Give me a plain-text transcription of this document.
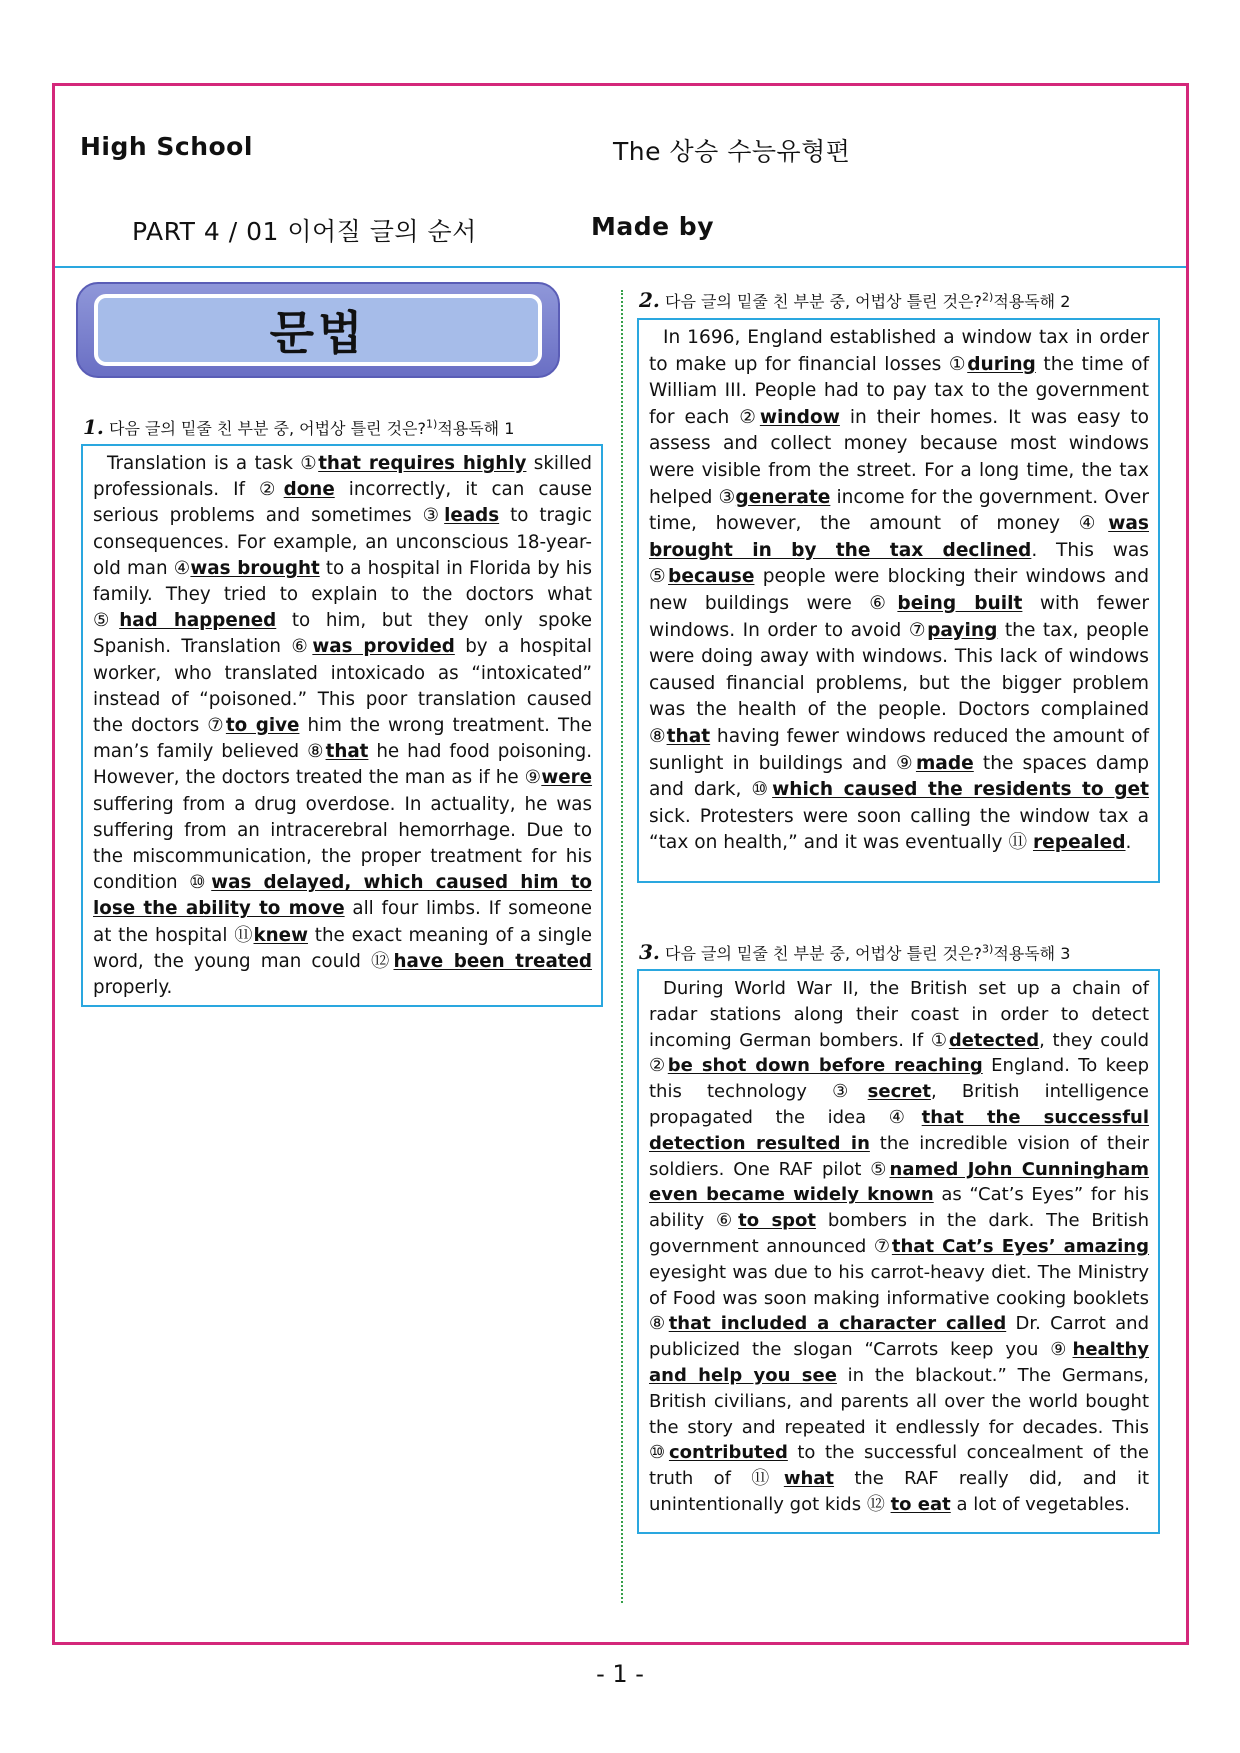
High School	The 상승 수능유형편
PART 4 / 01 이어질 글의 순서	Made by
문법
1. 다음 글의 밑줄 친 부분 중, 어법상 틀린 것은?$^{1)}$적용독해 1

Translation is a task ①that requires highly skilled professionals. If ②done incorrectly, it can cause serious problems and sometimes ③leads to tragic consequences. For example, an unconscious 18-year-old man ④was brought to a hospital in Florida by his family. They tried to explain to the doctors what ⑤had happened to him, but they only spoke Spanish. Translation ⑥was provided by a hospital worker, who translated intoxicado as “intoxicated” instead of “poisoned.” This poor translation caused the doctors ⑦to give him the wrong treatment. The man’s family believed ⑧that he had food poisoning. However, the doctors treated the man as if he ⑨were suffering from a drug overdose. In actuality, he was suffering from an intracerebral hemorrhage. Due to the miscommunication, the proper treatment for his condition ⑩was delayed, which caused him to lose the ability to move all four limbs. If someone at the hospital ⑪knew the exact meaning of a single word, the young man could ⑫have been treated properly.

2. 다음 글의 밑줄 친 부분 중, 어법상 틀린 것은?$^{2)}$적용독해 2

In 1696, England established a window tax in order to make up for financial losses ①during the time of William III. People had to pay tax to the government for each ②window in their homes. It was easy to assess and collect money because most windows were visible from the street. For a long time, the tax helped ③generate income for the government. Over time, however, the amount of money ④was brought in by the tax declined. This was ⑤because people were blocking their windows and new buildings were ⑥being built with fewer windows. In order to avoid ⑦paying the tax, people were doing away with windows. This lack of windows caused financial problems, but the bigger problem was the health of the people. Doctors complained ⑧that having fewer windows reduced the amount of sunlight in buildings and ⑨made the spaces damp and dark, ⑩which caused the residents to get sick. Protesters were soon calling the window tax a “tax on health,” and it was eventually ⑪ repealed.

3. 다음 글의 밑줄 친 부분 중, 어법상 틀린 것은?$^{3)}$적용독해 3

During World War II, the British set up a chain of radar stations along their coast in order to detect incoming German bombers. If ①detected, they could ②be shot down before reaching England. To keep this technology ③secret, British intelligence propagated the idea ④that the successful detection resulted in the incredible vision of their soldiers. One RAF pilot ⑤named John Cunningham even became widely known as “Cat’s Eyes” for his ability ⑥to spot bombers in the dark. The British government announced ⑦that Cat’s Eyes’ amazing eyesight was due to his carrot-heavy diet. The Ministry of Food was soon making informative cooking booklets ⑧that included a character called Dr. Carrot and publicized the slogan “Carrots keep you ⑨healthy and help you see in the blackout.” The Germans, British civilians, and parents all over the world bought the story and repeated it endlessly for decades. This ⑩contributed to the successful concealment of the truth of ⑪what the RAF really did, and it unintentionally got kids ⑫ to eat a lot of vegetables.

- 1 -
